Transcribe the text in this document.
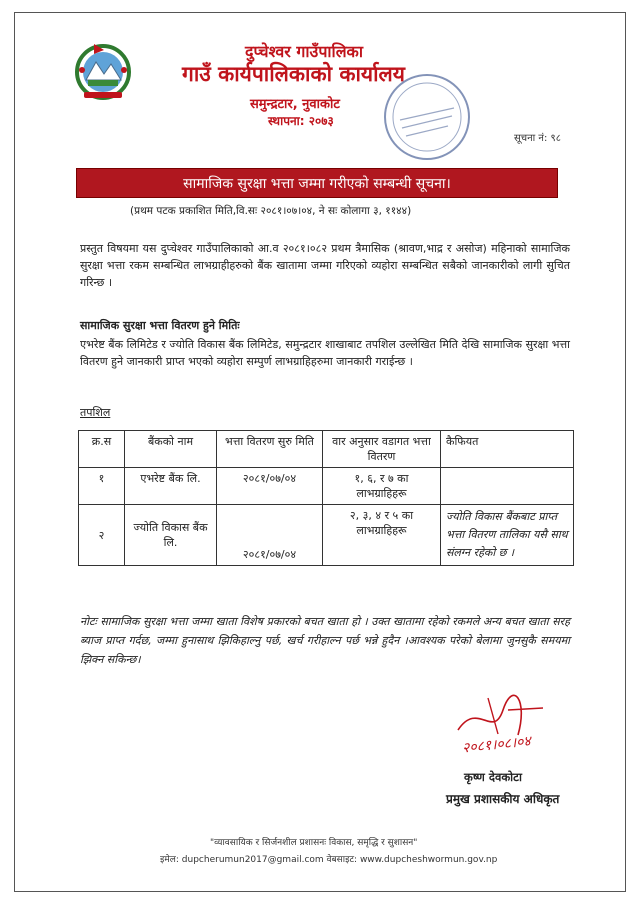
दुप्चेश्वर गाउँपालिका
गाउँ कार्यपालिकाको कार्यालय
समुन्द्रटार, नुवाकोट
स्थापना: २०७३
सूचना नं: ९८
सामाजिक सुरक्षा भत्ता जम्मा गरीएको सम्बन्धी सूचना।
(प्रथम पटक प्रकाशित मिति,वि.सः २०८१।०७।०४, ने सः कोलागा ३, ११४४)
प्रस्तुत विषयमा यस दुप्चेश्वर गाउँपालिकाको आ.व २०८१।०८२ प्रथम त्रैमासिक (श्रावण,भाद्र र असोज) महिनाको सामाजिक सुरक्षा भत्ता रकम सम्बन्धित लाभग्राहीहरुको बैंक खातामा जम्मा गरिएको व्यहोरा सम्बन्धित सबैको जानकारीको लागी सुचित गरिन्छ ।
सामाजिक सुरक्षा भत्ता वितरण हुने मितिः
एभरेष्ट बैंक लिमिटेड र ज्योति विकास बैंक लिमिटेड, समुन्द्रटार शाखाबाट तपशिल उल्लेखित मिति देखि सामाजिक सुरक्षा भत्ता वितरण हुने जानकारी प्राप्त भएको व्यहोरा सम्पुर्ण लाभग्राहिहरुमा जानकारी गराईन्छ ।
तपशिल
क्र.स	बैंकको नाम	भत्ता वितरण सुरु मिति	वार अनुसार वडागत भत्ता वितरण	कैफियत
१	एभरेष्ट बैंक लि.	२०८१/०७/०४	१, ६, र ७ का लाभग्राहिहरू	
२	ज्योति विकास बैंक लि.	२०८१/०७/०४	२, ३, ४ र ५ का लाभग्राहिहरू	ज्योति विकास बैंकबाट प्राप्त भत्ता वितरण तालिका यसै साथ संलग्न रहेको छ ।
नोटः सामाजिक सुरक्षा भत्ता जम्मा खाता विशेष प्रकारको बचत खाता हो । उक्त खातामा रहेको रकमले अन्य बचत खाता सरह ब्याज प्राप्त गर्दछ, जम्मा हुनासाथ झिकिहाल्नु पर्छ, खर्च गरीहाल्न पर्छ भन्ने हुदैन ।आवश्यक परेको बेलामा जुनसुकै समयमा झिक्न सकिन्छ।
२०८१।०८।०४
कृष्ण देवकोटा
प्रमुख प्रशासकीय अधिकृत
"व्यावसायिक र सिर्जनशील प्रशासनः विकास, समृद्धि र सुशासन"
इमेल: dupcherumun2017@gmail.com वेबसाइट: www.dupcheshwormun.gov.np
